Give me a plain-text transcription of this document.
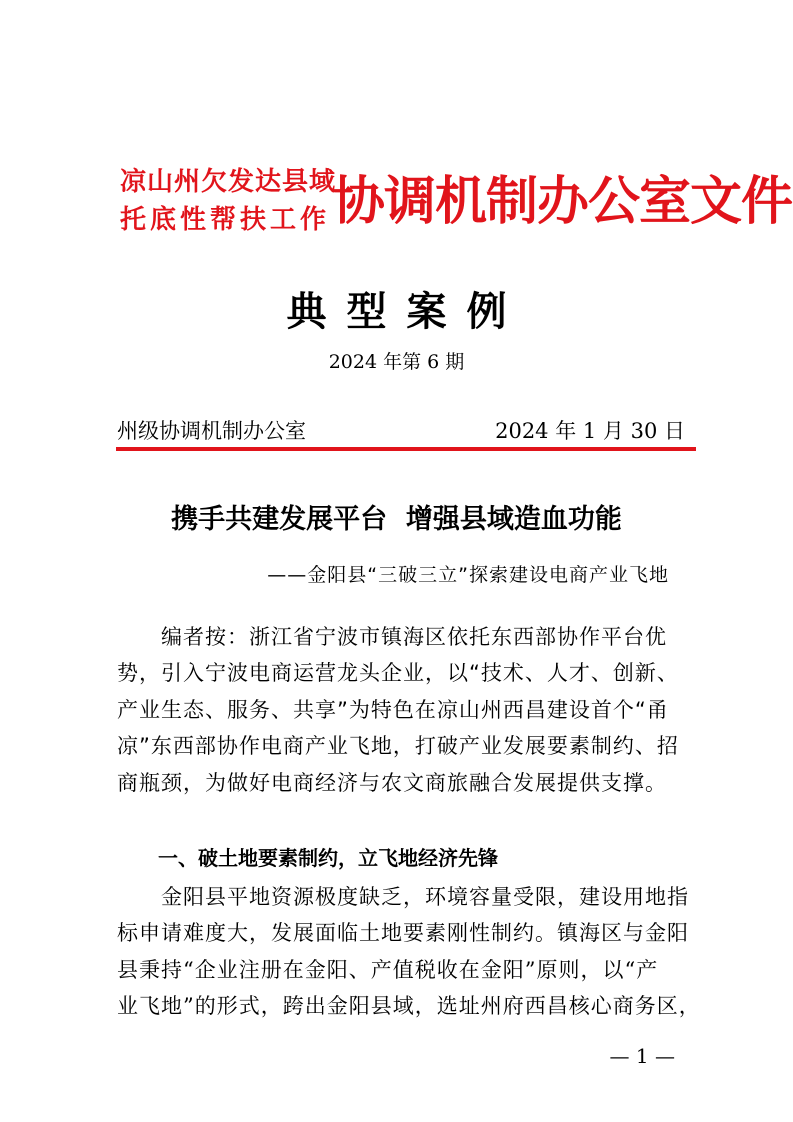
凉山州欠发达县域
托底性帮扶工作 协调机制办公室文件
典型案例
2024 年第 6 期
州级协调机制办公室	2024 年 1 月 30 日
携手共建发展平台  增强县域造血功能
——金阳县“三破三立”探索建设电商产业飞地
　　编者按：浙江省宁波市镇海区依托东西部协作平台优
势，引入宁波电商运营龙头企业，以“技术、人才、创新、
产业生态、服务、共享”为特色在凉山州西昌建设首个“甬
凉”东西部协作电商产业飞地，打破产业发展要素制约、招
商瓶颈，为做好电商经济与农文商旅融合发展提供支撑。
一、破土地要素制约，立飞地经济先锋
　　金阳县平地资源极度缺乏，环境容量受限，建设用地指
标申请难度大，发展面临土地要素刚性制约。镇海区与金阳
县秉持“企业注册在金阳、产值税收在金阳”原则，以“产
业飞地”的形式，跨出金阳县域，选址州府西昌核心商务区，
— 1 —
